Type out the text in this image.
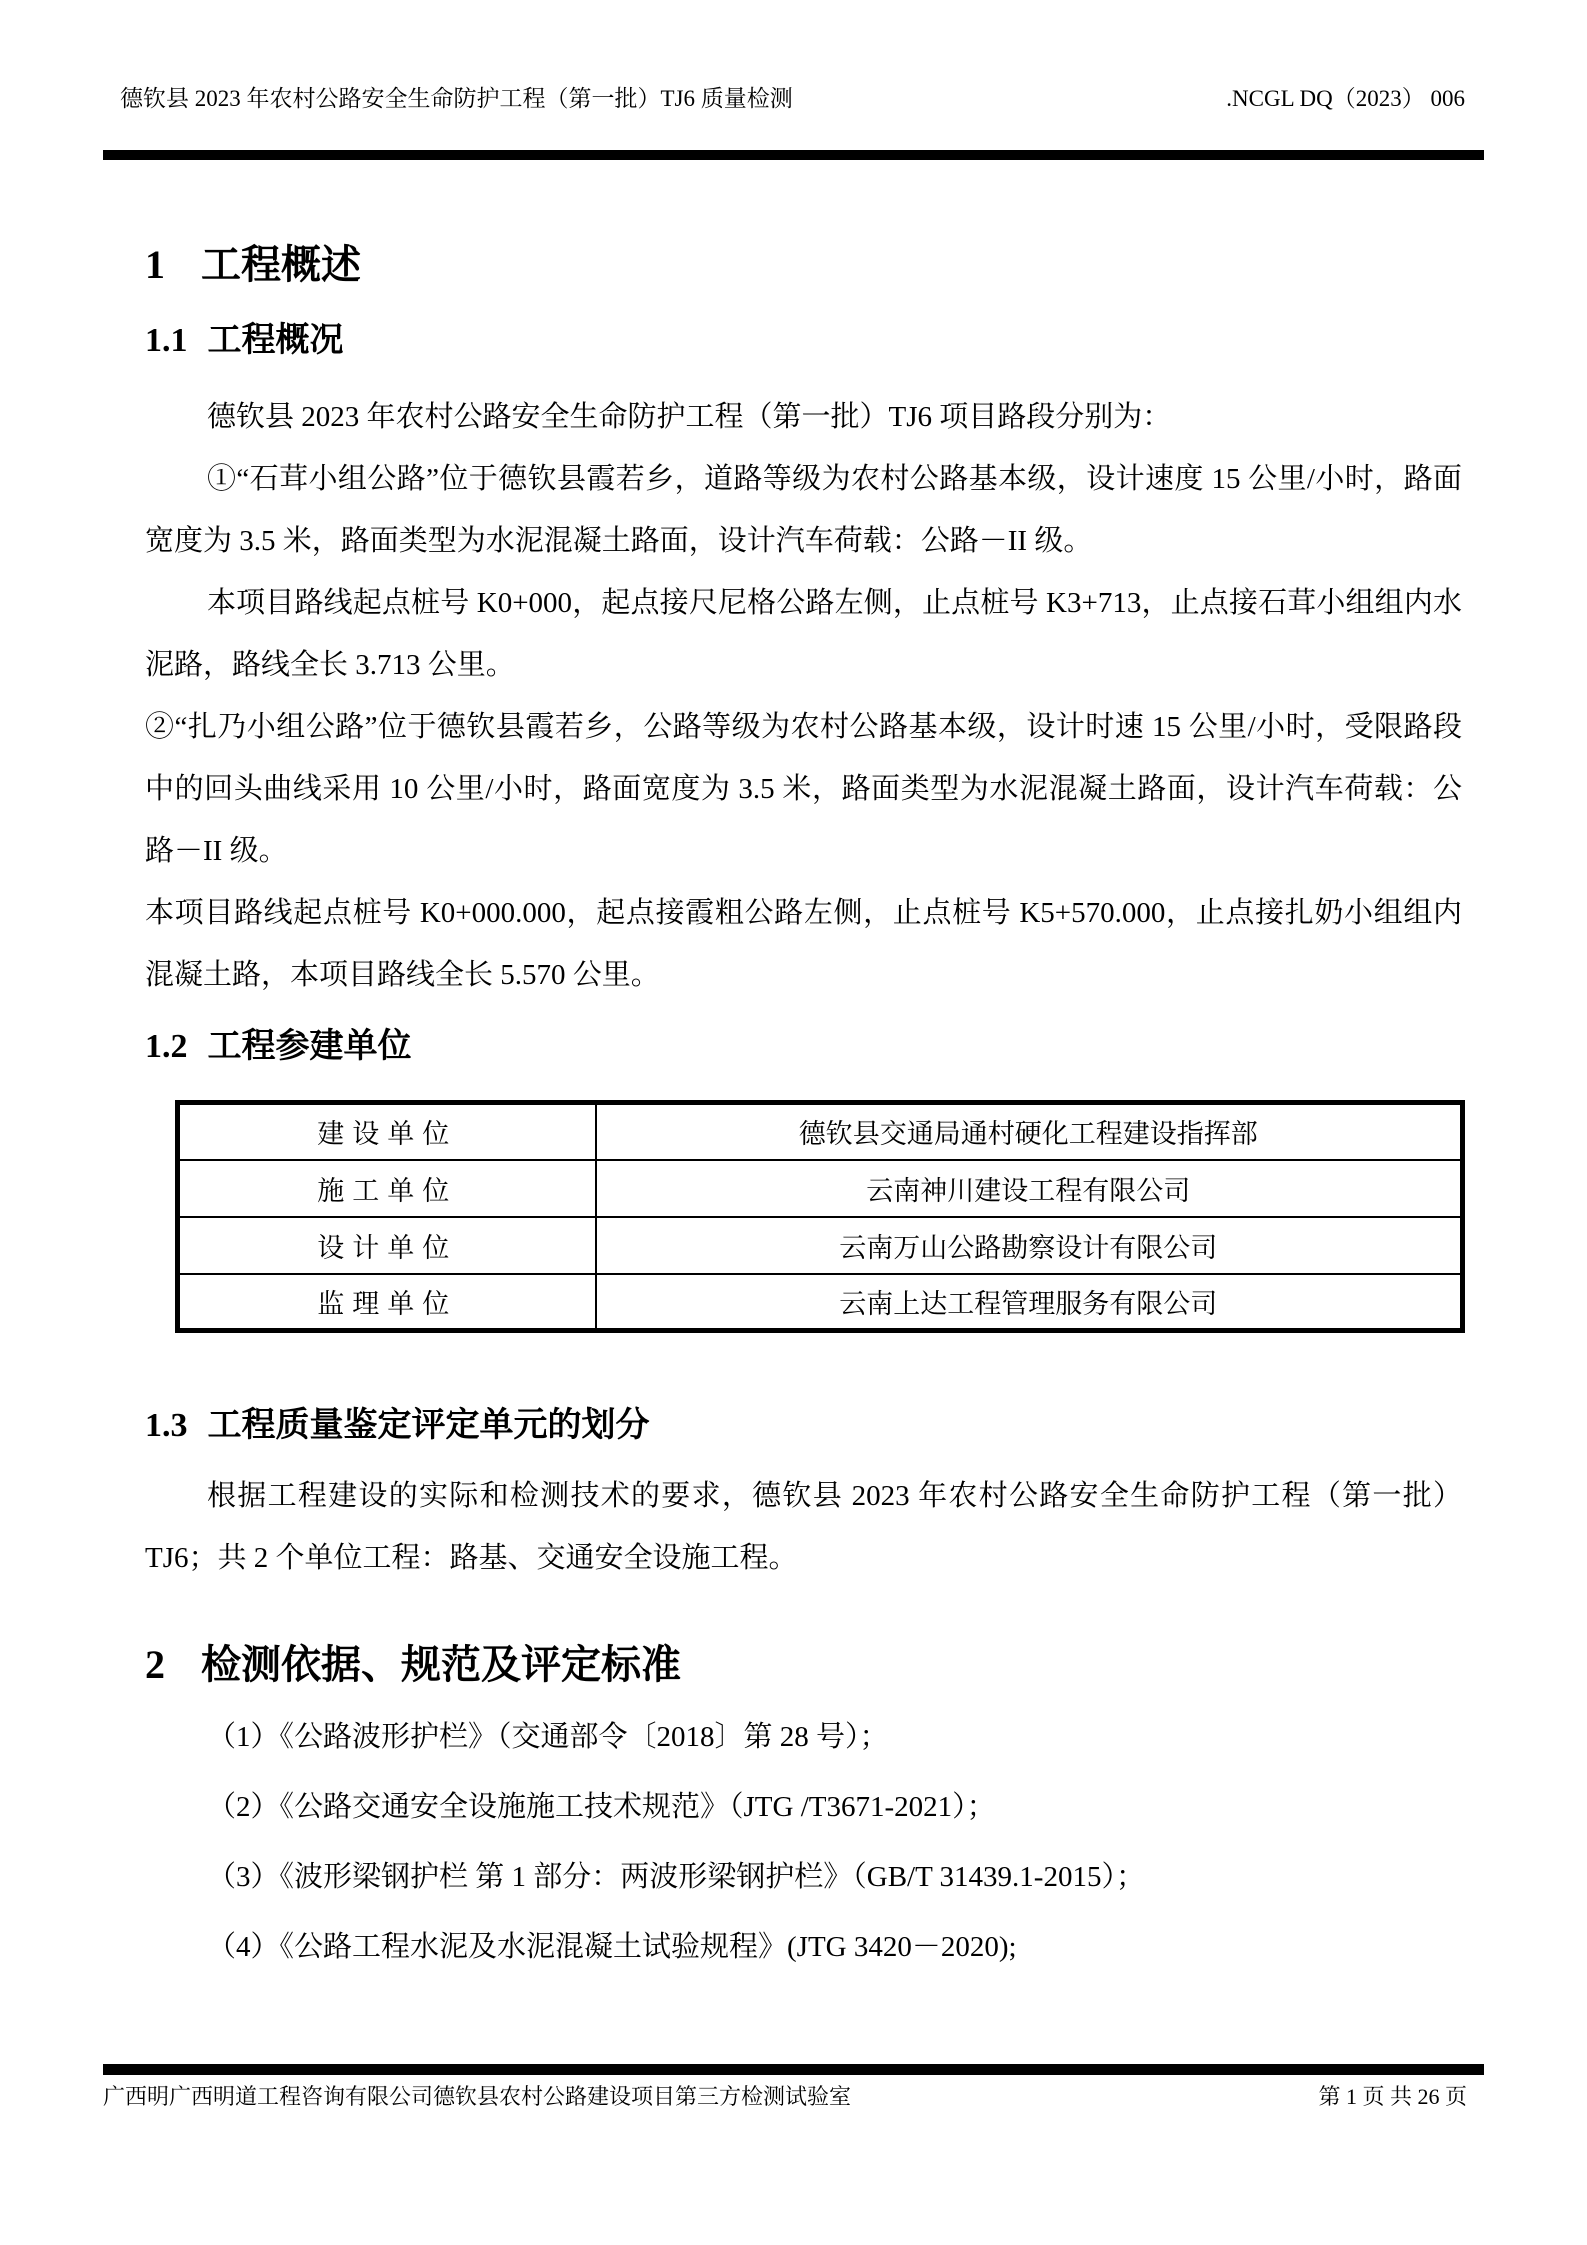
德钦县 2023 年农村公路安全生命防护工程（第一批）TJ6 质量检测	.NCGL DQ（2023） 006
1 工程概述
1.1 工程概况

德钦县 2023 年农村公路安全生命防护工程（第一批）TJ6 项目路段分别为：

①“石茸小组公路”位于德钦县霞若乡，道路等级为农村公路基本级，设计速度 15 公里/小时，路面宽度为 3.5 米，路面类型为水泥混凝土路面，设计汽车荷载：公路－II 级。

本项目路线起点桩号 K0+000，起点接尺尼格公路左侧，止点桩号 K3+713，止点接石茸小组组内水泥路，路线全长 3.713 公里。

②“扎乃小组公路”位于德钦县霞若乡，公路等级为农村公路基本级，设计时速 15 公里/小时，受限路段中的回头曲线采用 10 公里/小时，路面宽度为 3.5 米，路面类型为水泥混凝土路面，设计汽车荷载：公路－II 级。

本项目路线起点桩号 K0+000.000，起点接霞粗公路左侧，止点桩号 K5+570.000，止点接扎奶小组组内混凝土路，本项目路线全长 5.570 公里。

1.2 工程参建单位
建设单位	德钦县交通局通村硬化工程建设指挥部
施工单位	云南神川建设工程有限公司
设计单位	云南万山公路勘察设计有限公司
监理单位	云南上达工程管理服务有限公司
1.3 工程质量鉴定评定单元的划分

根据工程建设的实际和检测技术的要求，德钦县 2023 年农村公路安全生命防护工程（第一批）TJ6；共 2 个单位工程：路基、交通安全设施工程。

2 检测依据、规范及评定标准

（1）《公路波形护栏》（交通部令〔2018〕第 28 号）；

（2）《公路交通安全设施施工技术规范》（JTG /T3671-2021）；

（3）《波形梁钢护栏 第 1 部分：两波形梁钢护栏》（GB/T 31439.1-2015）；

（4）《公路工程水泥及水泥混凝土试验规程》(JTG 3420－2020);

广西明广西明道工程咨询有限公司德钦县农村公路建设项目第三方检测试验室	第 1 页 共 26 页
